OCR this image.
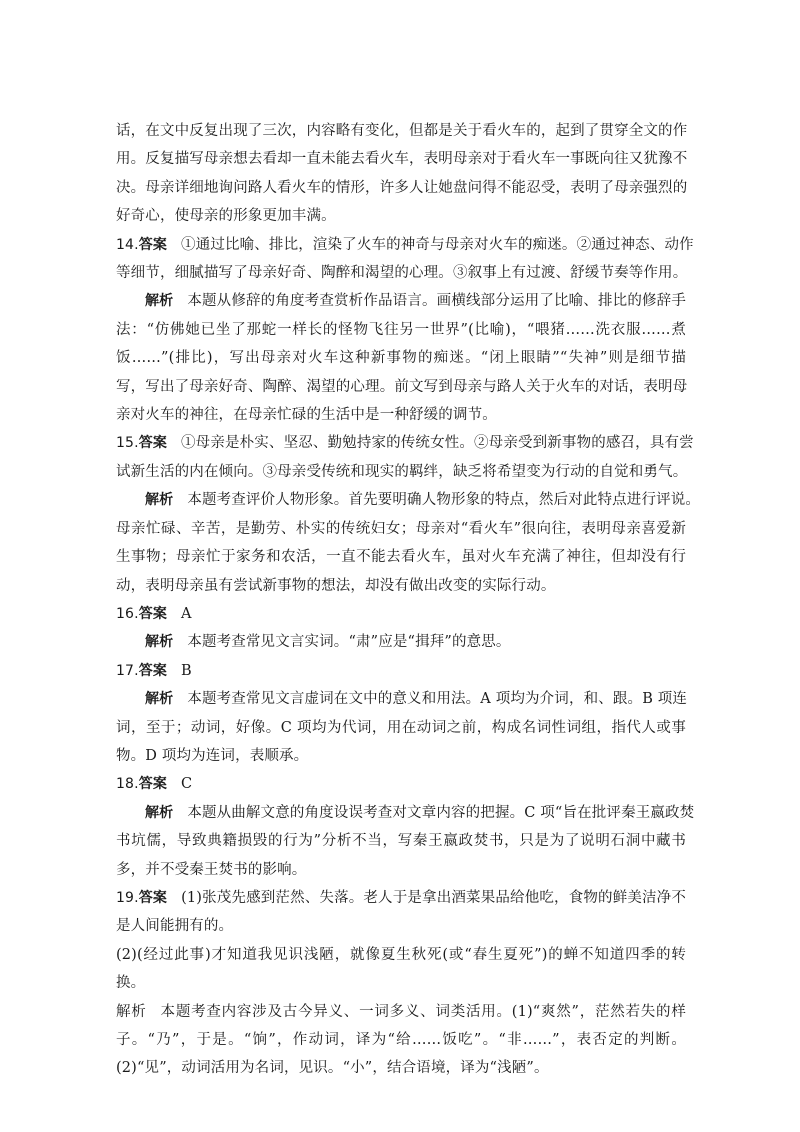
话，在文中反复出现了三次，内容略有变化，但都是关于看火车的，起到了贯穿全文的作
用。反复描写母亲想去看却一直未能去看火车，表明母亲对于看火车一事既向往又犹豫不
决。母亲详细地询问路人看火车的情形，许多人让她盘问得不能忍受，表明了母亲强烈的
好奇心，使母亲的形象更加丰满。
14.答案 ①通过比喻、排比，渲染了火车的神奇与母亲对火车的痴迷。②通过神态、动作
等细节，细腻描写了母亲好奇、陶醉和渴望的心理。③叙事上有过渡、舒缓节奏等作用。
解析 本题从修辞的角度考查赏析作品语言。画横线部分运用了比喻、排比的修辞手
法：“仿佛她已坐了那蛇一样长的怪物飞往另一世界”(比喻)，“喂猪……洗衣服……煮
饭……”(排比)，写出母亲对火车这种新事物的痴迷。“闭上眼睛”“失神”则是细节描
写，写出了母亲好奇、陶醉、渴望的心理。前文写到母亲与路人关于火车的对话，表明母
亲对火车的神往，在母亲忙碌的生活中是一种舒缓的调节。
15.答案 ①母亲是朴实、坚忍、勤勉持家的传统女性。②母亲受到新事物的感召，具有尝
试新生活的内在倾向。③母亲受传统和现实的羁绊，缺乏将希望变为行动的自觉和勇气。
解析 本题考查评价人物形象。首先要明确人物形象的特点，然后对此特点进行评说。
母亲忙碌、辛苦，是勤劳、朴实的传统妇女；母亲对“看火车”很向往，表明母亲喜爱新
生事物；母亲忙于家务和农活，一直不能去看火车，虽对火车充满了神往，但却没有行
动，表明母亲虽有尝试新事物的想法，却没有做出改变的实际行动。
16.答案 A
解析 本题考查常见文言实词。“肃”应是“揖拜”的意思。
17.答案 B
解析 本题考查常见文言虚词在文中的意义和用法。A 项均为介词，和、跟。B 项连
词，至于；动词，好像。C 项均为代词，用在动词之前，构成名词性词组，指代人或事
物。D 项均为连词，表顺承。
18.答案 C
解析 本题从曲解文意的角度设误考查对文章内容的把握。C 项“旨在批评秦王嬴政焚
书坑儒，导致典籍损毁的行为”分析不当，写秦王嬴政焚书，只是为了说明石洞中藏书
多，并不受秦王焚书的影响。
19.答案 (1)张茂先感到茫然、失落。老人于是拿出酒菜果品给他吃，食物的鲜美洁净不
是人间能拥有的。
(2)(经过此事)才知道我见识浅陋，就像夏生秋死(或“春生夏死”)的蝉不知道四季的转
换。
解析 本题考查内容涉及古今异义、一词多义、词类活用。(1)“爽然”，茫然若失的样
子。“乃”，于是。“饷”，作动词，译为“给……饭吃”。“非……”，表否定的判断。
(2)“见”，动词活用为名词，见识。“小”，结合语境，译为“浅陋”。
